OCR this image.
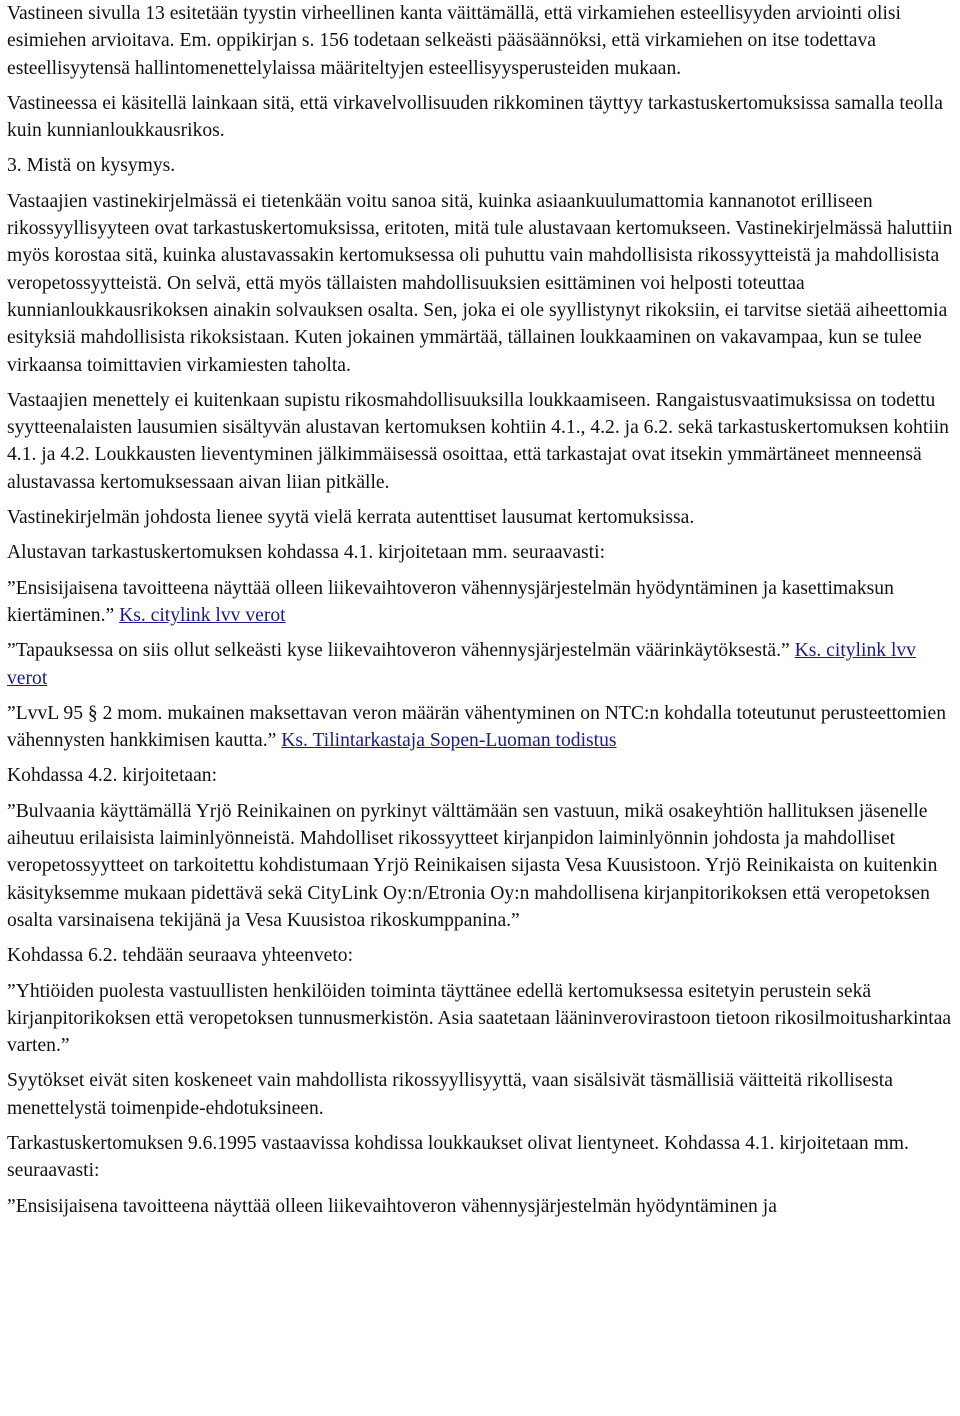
Vastineen sivulla 13 esitetään tyystin virheellinen kanta väittämällä, että virkamiehen esteellisyyden arviointi olisi esimiehen arvioitava. Em. oppikirjan s. 156 todetaan selkeästi pääsäännöksi, että virkamiehen on itse todettava esteellisyytensä hallintomenettelylaissa määriteltyjen esteellisyysperusteiden mukaan.

Vastineessa ei käsitellä lainkaan sitä, että virkavelvollisuuden rikkominen täyttyy tarkastuskertomuksissa samalla teolla kuin kunnianloukkausrikos.

3. Mistä on kysymys.

Vastaajien vastinekirjelmässä ei tietenkään voitu sanoa sitä, kuinka asiaankuulumattomia kannanotot erilliseen rikossyyllisyyteen ovat tarkastuskertomuksissa, eritoten, mitä tule alustavaan kertomukseen. Vastinekirjelmässä haluttiin myös korostaa sitä, kuinka alustavassakin kertomuksessa oli puhuttu vain mahdollisista rikossyytteistä ja mahdollisista veropetossyytteistä. On selvä, että myös tällaisten mahdollisuuksien esittäminen voi helposti toteuttaa kunnianloukkausrikoksen ainakin solvauksen osalta. Sen, joka ei ole syyllistynyt rikoksiin, ei tarvitse sietää aiheettomia esityksiä mahdollisista rikoksistaan. Kuten jokainen ymmärtää, tällainen loukkaaminen on vakavampaa, kun se tulee virkaansa toimittavien virkamiesten taholta.

Vastaajien menettely ei kuitenkaan supistu rikosmahdollisuuksilla loukkaamiseen. Rangaistusvaatimuksissa on todettu syytteenalaisten lausumien sisältyvän alustavan kertomuksen kohtiin 4.1., 4.2. ja 6.2. sekä tarkastuskertomuksen kohtiin 4.1. ja 4.2. Loukkausten lieventyminen jälkimmäisessä osoittaa, että tarkastajat ovat itsekin ymmärtäneet menneensä alustavassa kertomuksessaan aivan liian pitkälle.

Vastinekirjelmän johdosta lienee syytä vielä kerrata autenttiset lausumat kertomuksissa.

Alustavan tarkastuskertomuksen kohdassa 4.1. kirjoitetaan mm. seuraavasti:

”Ensisijaisena tavoitteena näyttää olleen liikevaihtoveron vähennysjärjestelmän hyödyntäminen ja kasettimaksun kiertäminen.” Ks. citylink lvv verot

”Tapauksessa on siis ollut selkeästi kyse liikevaihtoveron vähennysjärjestelmän väärinkäytöksestä.” Ks. citylink lvv verot

”LvvL 95 § 2 mom. mukainen maksettavan veron määrän vähentyminen on NTC:n kohdalla toteutunut perusteettomien vähennysten hankkimisen kautta.” Ks. Tilintarkastaja Sopen-Luoman todistus

Kohdassa 4.2. kirjoitetaan:

”Bulvaania käyttämällä Yrjö Reinikainen on pyrkinyt välttämään sen vastuun, mikä osakeyhtiön hallituksen jäsenelle aiheutuu erilaisista laiminlyönneistä. Mahdolliset rikossyytteet kirjanpidon laiminlyönnin johdosta ja mahdolliset veropetossyytteet on tarkoitettu kohdistumaan Yrjö Reinikaisen sijasta Vesa Kuusistoon. Yrjö Reinikaista on kuitenkin käsityksemme mukaan pidettävä sekä CityLink Oy:n/Etronia Oy:n mahdollisena kirjanpitorikoksen että veropetoksen osalta varsinaisena tekijänä ja Vesa Kuusistoa rikoskumppanina.”

Kohdassa 6.2. tehdään seuraava yhteenveto:

”Yhtiöiden puolesta vastuullisten henkilöiden toiminta täyttänee edellä kertomuksessa esitetyin perustein sekä kirjanpitorikoksen että veropetoksen tunnusmerkistön. Asia saatetaan lääninverovirastoon tietoon rikosilmoitusharkintaa varten.”

Syytökset eivät siten koskeneet vain mahdollista rikossyyllisyyttä, vaan sisälsivät täsmällisiä väitteitä rikollisesta menettelystä toimenpide-ehdotuksineen.

Tarkastuskertomuksen 9.6.1995 vastaavissa kohdissa loukkaukset olivat lientyneet. Kohdassa 4.1. kirjoitetaan mm. seuraavasti:

”Ensisijaisena tavoitteena näyttää olleen liikevaihtoveron vähennysjärjestelmän hyödyntäminen ja
